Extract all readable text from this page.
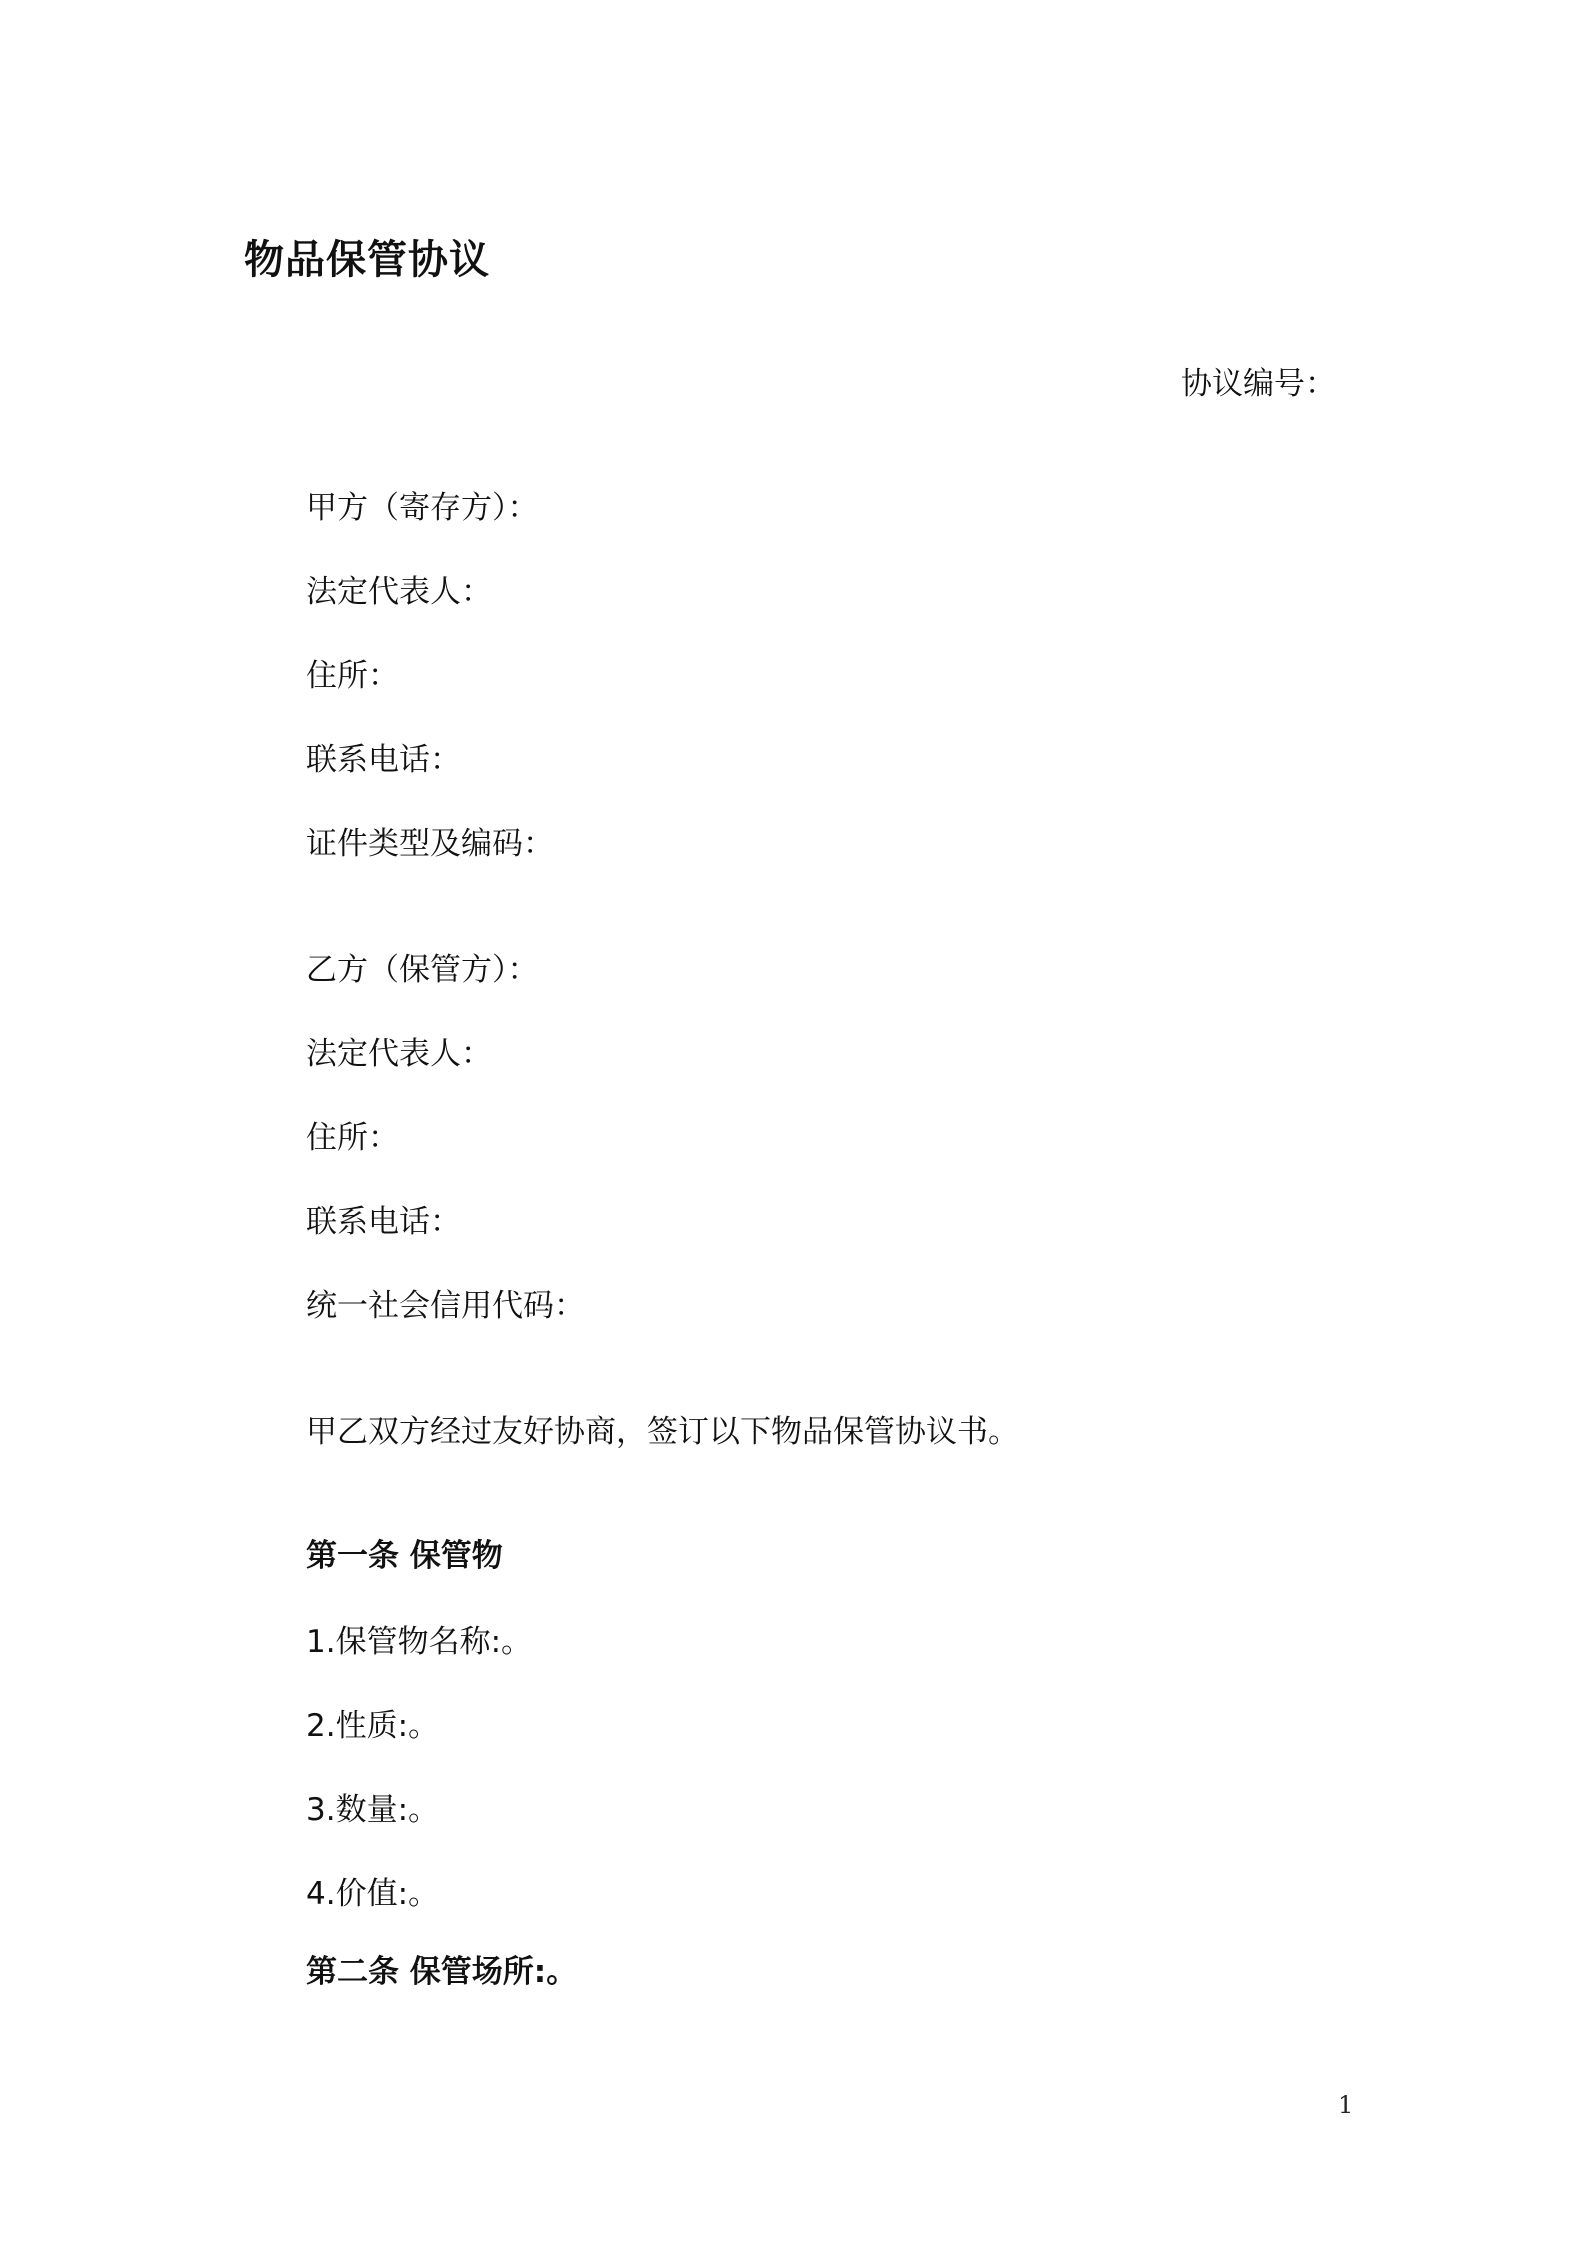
物品保管协议
协议编号：
甲方（寄存方）：
法定代表人：
住所：
联系电话：
证件类型及编码：
乙方（保管方）：
法定代表人：
住所：
联系电话：
统一社会信用代码：
甲乙双方经过友好协商，签订以下物品保管协议书。
第一条 保管物
1.保管物名称:。
2.性质:。
3.数量:。
4.价值:。
第二条 保管场所:。
1
